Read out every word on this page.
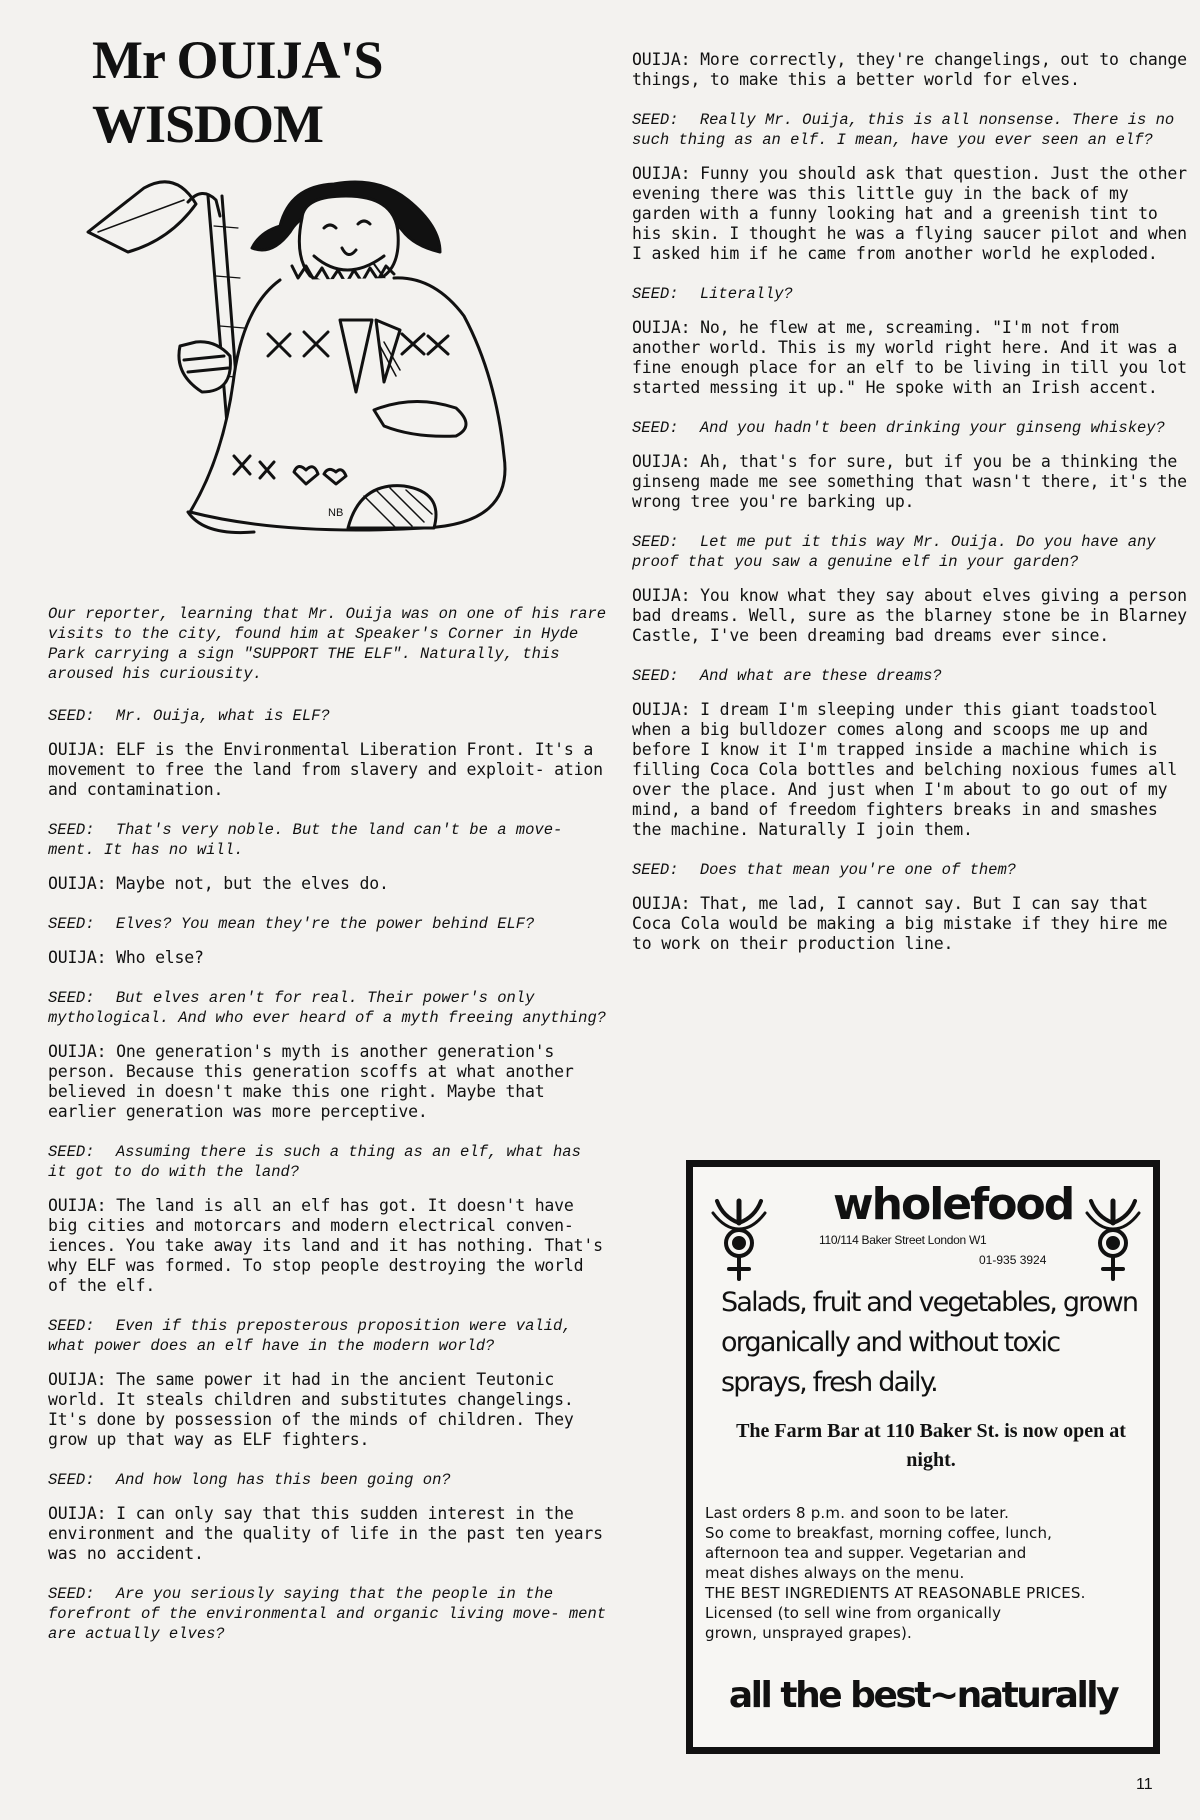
Mr OUIJA'S
WISDOM
NB

Our reporter, learning that Mr. Ouija was on one of his rare visits to the city, found him at Speaker's Corner in Hyde Park carrying a sign "SUPPORT THE ELF". Naturally, this aroused his curiousity.

SEED: Mr. Ouija, what is ELF?

OUIJA: ELF is the Environmental Liberation Front. It's a movement to free the land from slavery and exploit- ation and contamination.

SEED: That's very noble. But the land can't be a move- ment. It has no will.

OUIJA: Maybe not, but the elves do.

SEED: Elves? You mean they're the power behind ELF?

OUIJA: Who else?

SEED: But elves aren't for real. Their power's only mythological. And who ever heard of a myth freeing anything?

OUIJA: One generation's myth is another generation's person. Because this generation scoffs at what another believed in doesn't make this one right. Maybe that earlier generation was more perceptive.

SEED: Assuming there is such a thing as an elf, what has it got to do with the land?

OUIJA: The land is all an elf has got. It doesn't have big cities and motorcars and modern electrical conven- iences. You take away its land and it has nothing. That's why ELF was formed. To stop people destroying the world of the elf.

SEED: Even if this preposterous proposition were valid, what power does an elf have in the modern world?

OUIJA: The same power it had in the ancient Teutonic world. It steals children and substitutes changelings. It's done by possession of the minds of children. They grow up that way as ELF fighters.

SEED: And how long has this been going on?

OUIJA: I can only say that this sudden interest in the environment and the quality of life in the past ten years was no accident.

SEED: Are you seriously saying that the people in the forefront of the environmental and organic living move- ment are actually elves?

OUIJA: More correctly, they're changelings, out to change things, to make this a better world for elves.

SEED: Really Mr. Ouija, this is all nonsense. There is no such thing as an elf. I mean, have you ever seen an elf?

OUIJA: Funny you should ask that question. Just the other evening there was this little guy in the back of my garden with a funny looking hat and a greenish tint to his skin. I thought he was a flying saucer pilot and when I asked him if he came from another world he exploded.

SEED: Literally?

OUIJA: No, he flew at me, screaming. "I'm not from another world. This is my world right here. And it was a fine enough place for an elf to be living in till you lot started messing it up." He spoke with an Irish accent.

SEED: And you hadn't been drinking your ginseng whiskey?

OUIJA: Ah, that's for sure, but if you be a thinking the ginseng made me see something that wasn't there, it's the wrong tree you're barking up.

SEED: Let me put it this way Mr. Ouija. Do you have any proof that you saw a genuine elf in your garden?

OUIJA: You know what they say about elves giving a person bad dreams. Well, sure as the blarney stone be in Blarney Castle, I've been dreaming bad dreams ever since.

SEED: And what are these dreams?

OUIJA: I dream I'm sleeping under this giant toadstool when a big bulldozer comes along and scoops me up and before I know it I'm trapped inside a machine which is filling Coca Cola bottles and belching noxious fumes all over the place. And just when I'm about to go out of my mind, a band of freedom fighters breaks in and smashes the machine. Naturally I join them.

SEED: Does that mean you're one of them?

OUIJA: That, me lad, I cannot say. But I can say that Coca Cola would be making a big mistake if they hire me to work on their production line.

wholefood
110/114 Baker Street London W1
01-935 3924
Salads, fruit and vegetables, grown organically and without toxic sprays, fresh daily.
The Farm Bar at 110 Baker St. is now open at night.
Last orders 8 p.m. and soon to be later.
So come to breakfast, morning coffee, lunch,
afternoon tea and supper. Vegetarian and
meat dishes always on the menu.
THE BEST INGREDIENTS AT REASONABLE PRICES.
Licensed (to sell wine from organically
grown, unsprayed grapes).
all the best~naturally
11
